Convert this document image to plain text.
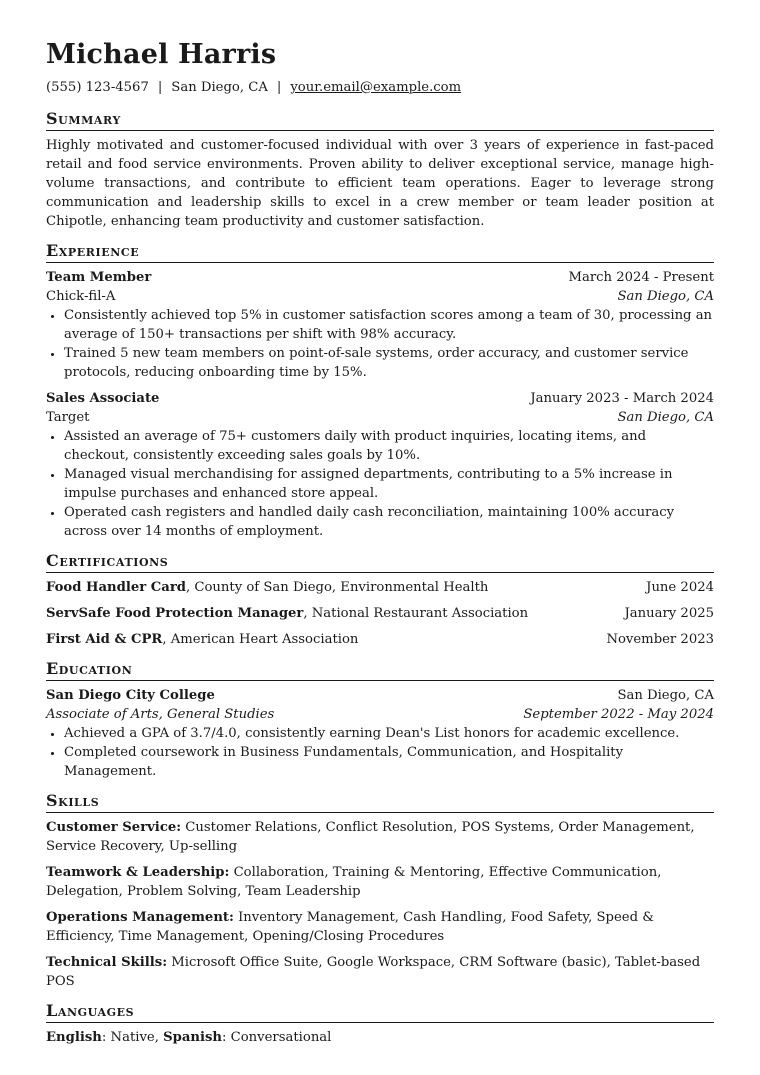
Michael Harris
(555) 123-4567 | San Diego, CA | your.email@example.com
Summary
Highly motivated and customer-focused individual with over 3 years of experience in fast-paced retail and food service environments. Proven ability to deliver exceptional service, manage high-volume transactions, and contribute to efficient team operations. Eager to leverage strong communication and leadership skills to excel in a crew member or team leader position at Chipotle, enhancing team productivity and customer satisfaction.
Experience
Team Member	March 2024 - Present
Chick-fil-A	San Diego, CA
• Consistently achieved top 5% in customer satisfaction scores among a team of 30, processing an average of 150+ transactions per shift with 98% accuracy.
• Trained 5 new team members on point-of-sale systems, order accuracy, and customer service protocols, reducing onboarding time by 15%.
Sales Associate	January 2023 - March 2024
Target	San Diego, CA
• Assisted an average of 75+ customers daily with product inquiries, locating items, and checkout, consistently exceeding sales goals by 10%.
• Managed visual merchandising for assigned departments, contributing to a 5% increase in impulse purchases and enhanced store appeal.
• Operated cash registers and handled daily cash reconciliation, maintaining 100% accuracy across over 14 months of employment.
Certifications
Food Handler Card, County of San Diego, Environmental Health	June 2024
ServSafe Food Protection Manager, National Restaurant Association	January 2025
First Aid & CPR, American Heart Association	November 2023
Education
San Diego City College	San Diego, CA
Associate of Arts, General Studies	September 2022 - May 2024
• Achieved a GPA of 3.7/4.0, consistently earning Dean's List honors for academic excellence.
• Completed coursework in Business Fundamentals, Communication, and Hospitality Management.
Skills
Customer Service: Customer Relations, Conflict Resolution, POS Systems, Order Management, Service Recovery, Up-selling
Teamwork & Leadership: Collaboration, Training & Mentoring, Effective Communication, Delegation, Problem Solving, Team Leadership
Operations Management: Inventory Management, Cash Handling, Food Safety, Speed & Efficiency, Time Management, Opening/Closing Procedures
Technical Skills: Microsoft Office Suite, Google Workspace, CRM Software (basic), Tablet-based POS
Languages
English: Native, Spanish: Conversational
